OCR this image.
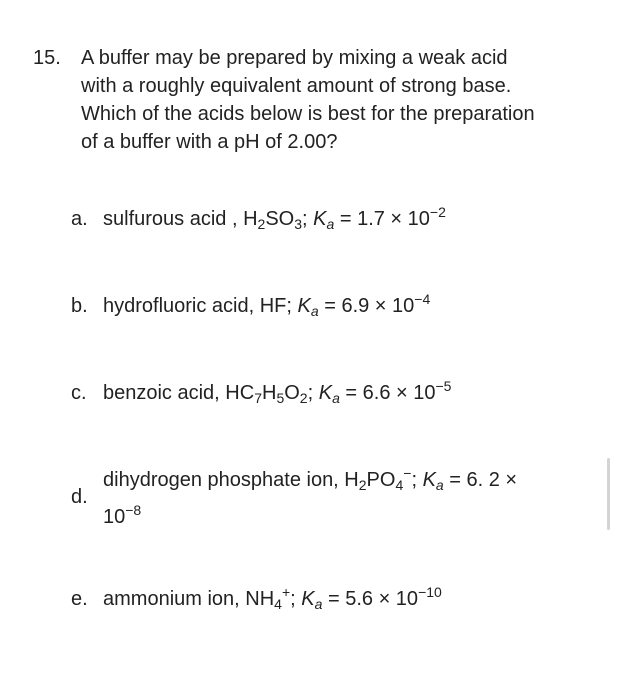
15. A buffer may be prepared by mixing a weak acid
with a roughly equivalent amount of strong base.
Which of the acids below is best for the preparation
of a buffer with a pH of 2.00?
a. sulfurous acid , $H_2SO_3$; $K_a = 1.7 \times 10^{-2}$
b. hydrofluoric acid, HF; $K_a = 6.9 \times 10^{-4}$
c. benzoic acid, $HC_7H_5O_2$; $K_a = 6.6 \times 10^{-5}$
d.
dihydrogen phosphate ion, $H_2PO_4^-$; $K_a = 6$. 2 ×
$10^{-8}$
e. ammonium ion, $NH_4^+$; $K_a = 5.6 \times 10^{-10}$
